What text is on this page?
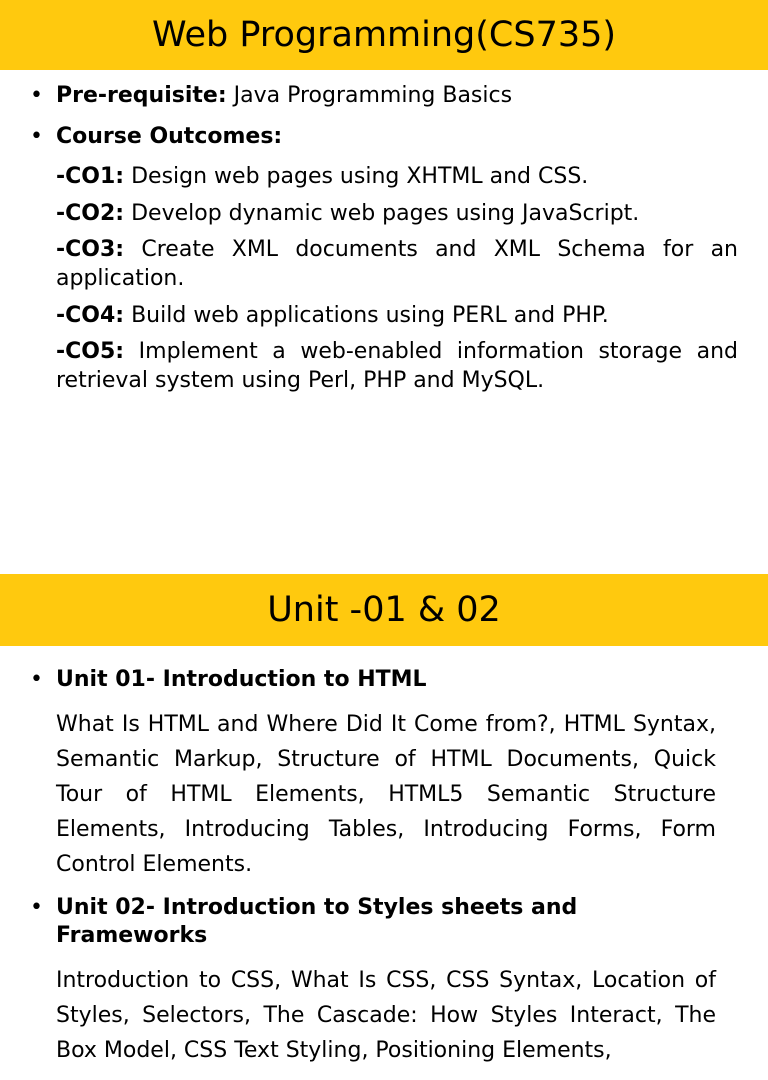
Web Programming(CS735)
• Pre-requisite: Java Programming Basics
• Course Outcomes:
-CO1: Design web pages using XHTML and CSS.
-CO2: Develop dynamic web pages using JavaScript.
-CO3: Create XML documents and XML Schema for an application.
-CO4: Build web applications using PERL and PHP.
-CO5: Implement a web-enabled information storage and retrieval system using Perl, PHP and MySQL.
Unit -01 & 02
• Unit 01- Introduction to HTML
What Is HTML and Where Did It Come from?, HTML Syntax, Semantic Markup, Structure of HTML Documents, Quick Tour of HTML Elements, HTML5 Semantic Structure Elements, Introducing Tables, Introducing Forms, Form Control Elements.
• Unit 02- Introduction to Styles sheets and Frameworks
Introduction to CSS, What Is CSS, CSS Syntax, Location of Styles, Selectors, The Cascade: How Styles Interact, The Box Model, CSS Text Styling, Positioning Elements,
